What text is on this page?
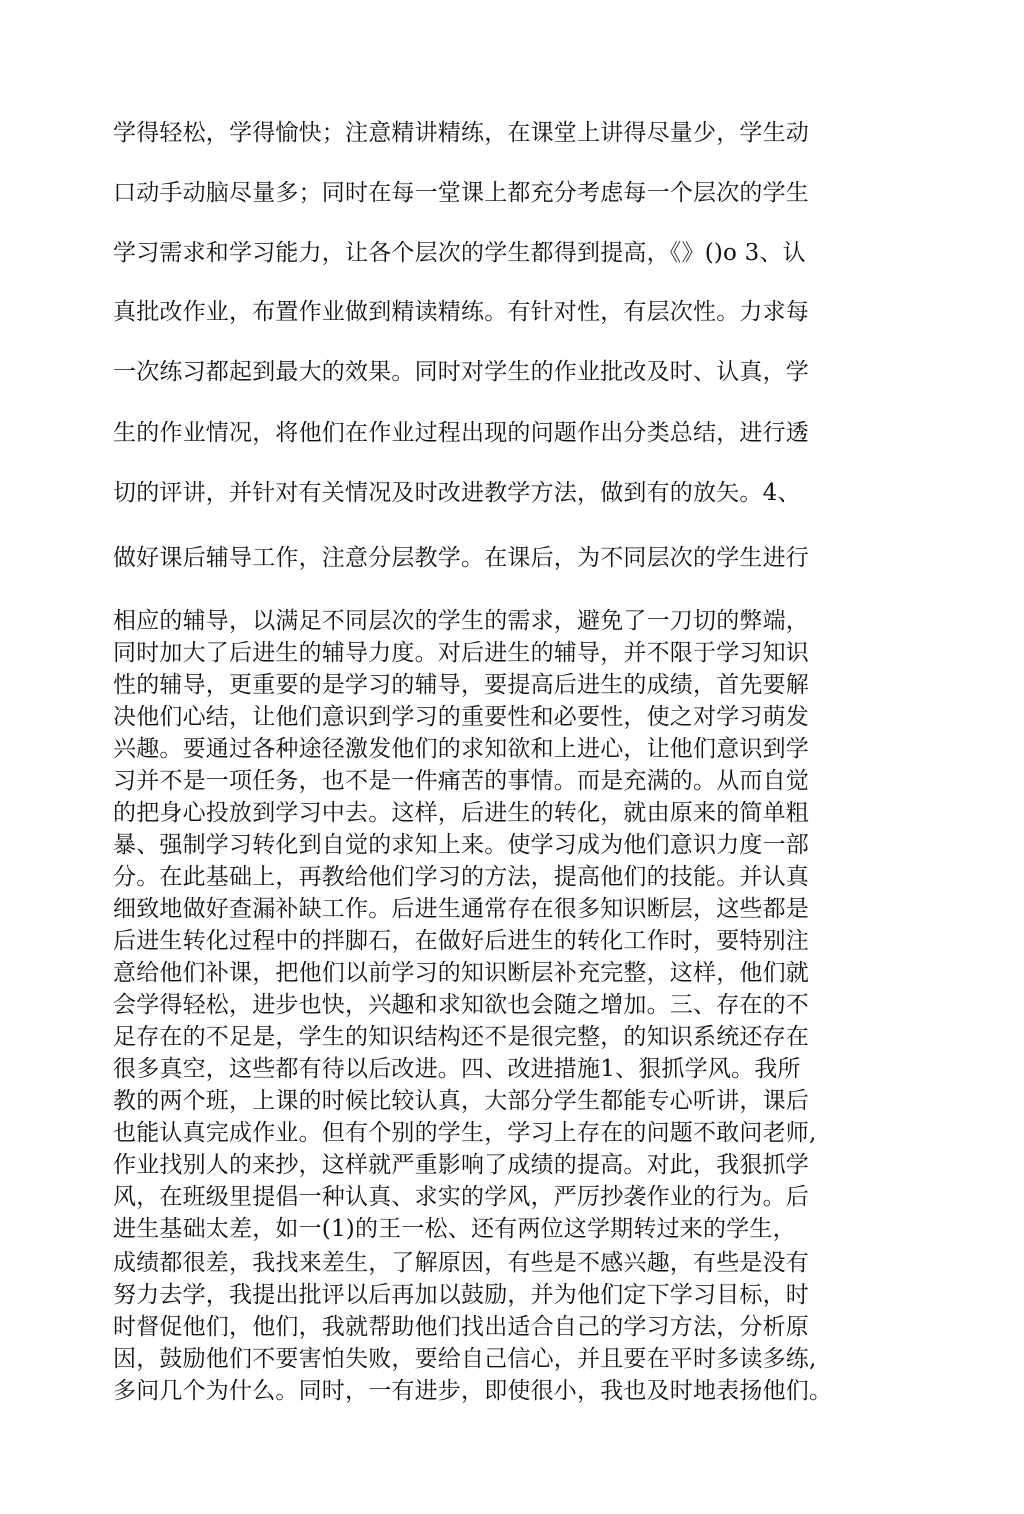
学得轻松，学得愉快；注意精讲精练，在课堂上讲得尽量少，学生动
口动手动脑尽量多；同时在每一堂课上都充分考虑每一个层次的学生
学习需求和学习能力，让各个层次的学生都得到提高，《》()o 3、认
真批改作业，布置作业做到精读精练。有针对性，有层次性。力求每
一次练习都起到最大的效果。同时对学生的作业批改及时、认真，学
生的作业情况，将他们在作业过程出现的问题作出分类总结，进行透
切的评讲，并针对有关情况及时改进教学方法，做到有的放矢。4、
做好课后辅导工作，注意分层教学。在课后，为不同层次的学生进行
相应的辅导，以满足不同层次的学生的需求，避免了一刀切的弊端，
同时加大了后进生的辅导力度。对后进生的辅导，并不限于学习知识
性的辅导，更重要的是学习的辅导，要提高后进生的成绩，首先要解
决他们心结，让他们意识到学习的重要性和必要性，使之对学习萌发
兴趣。要通过各种途径激发他们的求知欲和上进心，让他们意识到学
习并不是一项任务，也不是一件痛苦的事情。而是充满的。从而自觉
的把身心投放到学习中去。这样，后进生的转化，就由原来的简单粗
暴、强制学习转化到自觉的求知上来。使学习成为他们意识力度一部
分。在此基础上，再教给他们学习的方法，提高他们的技能。并认真
细致地做好查漏补缺工作。后进生通常存在很多知识断层，这些都是
后进生转化过程中的拌脚石，在做好后进生的转化工作时，要特别注
意给他们补课，把他们以前学习的知识断层补充完整，这样，他们就
会学得轻松，进步也快，兴趣和求知欲也会随之增加。三、存在的不
足存在的不足是，学生的知识结构还不是很完整，的知识系统还存在
很多真空，这些都有待以后改进。四、改进措施1、狠抓学风。我所
教的两个班，上课的时候比较认真，大部分学生都能专心听讲，课后
也能认真完成作业。但有个别的学生，学习上存在的问题不敢问老师,
作业找别人的来抄，这样就严重影响了成绩的提高。对此，我狠抓学
风，在班级里提倡一种认真、求实的学风，严厉抄袭作业的行为。后
进生基础太差，如一(1)的王一松、还有两位这学期转过来的学生，
成绩都很差，我找来差生，了解原因，有些是不感兴趣，有些是没有
努力去学，我提出批评以后再加以鼓励，并为他们定下学习目标，时
时督促他们，他们，我就帮助他们找出适合自己的学习方法，分析原
因，鼓励他们不要害怕失败，要给自己信心，并且要在平时多读多练,
多问几个为什么。同时，一有进步，即使很小，我也及时地表扬他们。
